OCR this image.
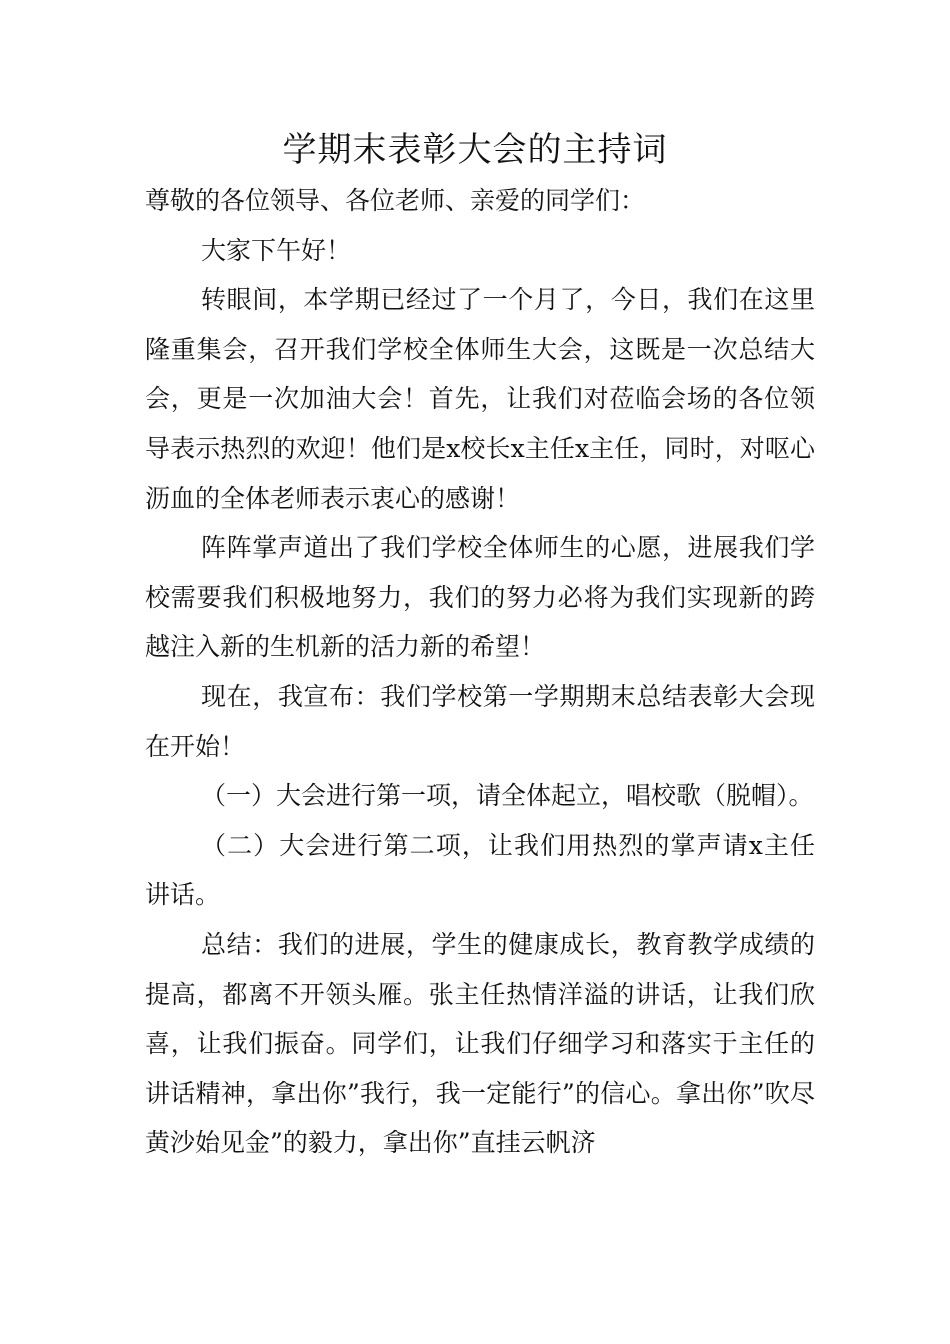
学期末表彰大会的主持词

尊敬的各位领导、各位老师、亲爱的同学们：

大家下午好！

转眼间，本学期已经过了一个月了，今日，我们在这里隆重集会，召开我们学校全体师生大会，这既是一次总结大会，更是一次加油大会！首先，让我们对莅临会场的各位领导表示热烈的欢迎！他们是x校长x主任x主任，同时，对呕心沥血的全体老师表示衷心的感谢！

阵阵掌声道出了我们学校全体师生的心愿，进展我们学校需要我们积极地努力，我们的努力必将为我们实现新的跨越注入新的生机新的活力新的希望！

现在，我宣布：我们学校第一学期期末总结表彰大会现在开始！

（一）大会进行第一项，请全体起立，唱校歌（脱帽）。

（二）大会进行第二项，让我们用热烈的掌声请x主任讲话。

总结：我们的进展，学生的健康成长，教育教学成绩的提高，都离不开领头雁。张主任热情洋溢的讲话，让我们欣喜，让我们振奋。同学们，让我们仔细学习和落实于主任的讲话精神，拿出你”我行，我一定能行”的信心。拿出你”吹尽黄沙始见金”的毅力，拿出你”直挂云帆济
